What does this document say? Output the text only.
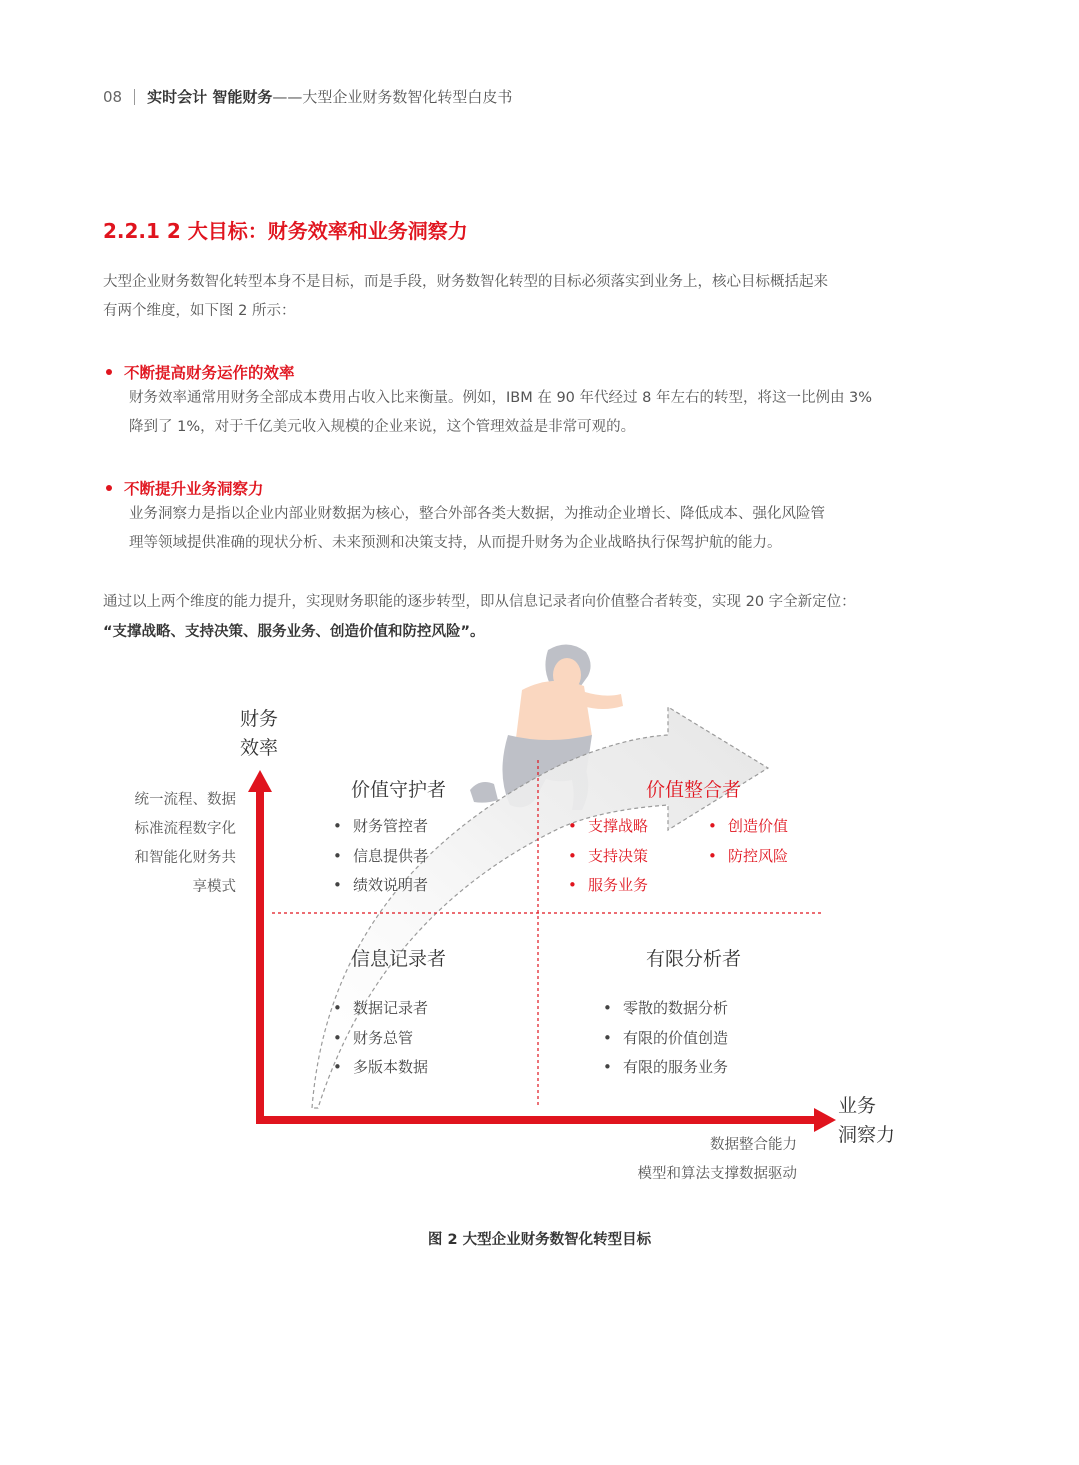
08 实时会计 智能财务——大型企业财务数智化转型白皮书
2.2.1 2 大目标：财务效率和业务洞察力
大型企业财务数智化转型本身不是目标，而是手段，财务数智化转型的目标必须落实到业务上，核心目标概括起来
有两个维度，如下图 2 所示：
不断提高财务运作的效率
财务效率通常用财务全部成本费用占收入比来衡量。例如，IBM 在 90 年代经过 8 年左右的转型，将这一比例由 3%
降到了 1%，对于千亿美元收入规模的企业来说，这个管理效益是非常可观的。
不断提升业务洞察力
业务洞察力是指以企业内部业财数据为核心，整合外部各类大数据，为推动企业增长、降低成本、强化风险管
理等领域提供准确的现状分析、未来预测和决策支持，从而提升财务为企业战略执行保驾护航的能力。
通过以上两个维度的能力提升，实现财务职能的逐步转型，即从信息记录者向价值整合者转变，实现 20 字全新定位：
“支撑战略、支持决策、服务业务、创造价值和防控风险”。
财务
效率
业务
洞察力
统一流程、数据
标准流程数字化
和智能化财务共
享模式
数据整合能力
模型和算法支撑数据驱动
价值守护者
• 财务管控者
• 信息提供者
• 绩效说明者
价值整合者
• 支撑战略
• 支持决策
• 服务业务
• 创造价值
• 防控风险
信息记录者
• 数据记录者
• 财务总管
• 多版本数据
有限分析者
• 零散的数据分析
• 有限的价值创造
• 有限的服务业务
图 2 大型企业财务数智化转型目标
